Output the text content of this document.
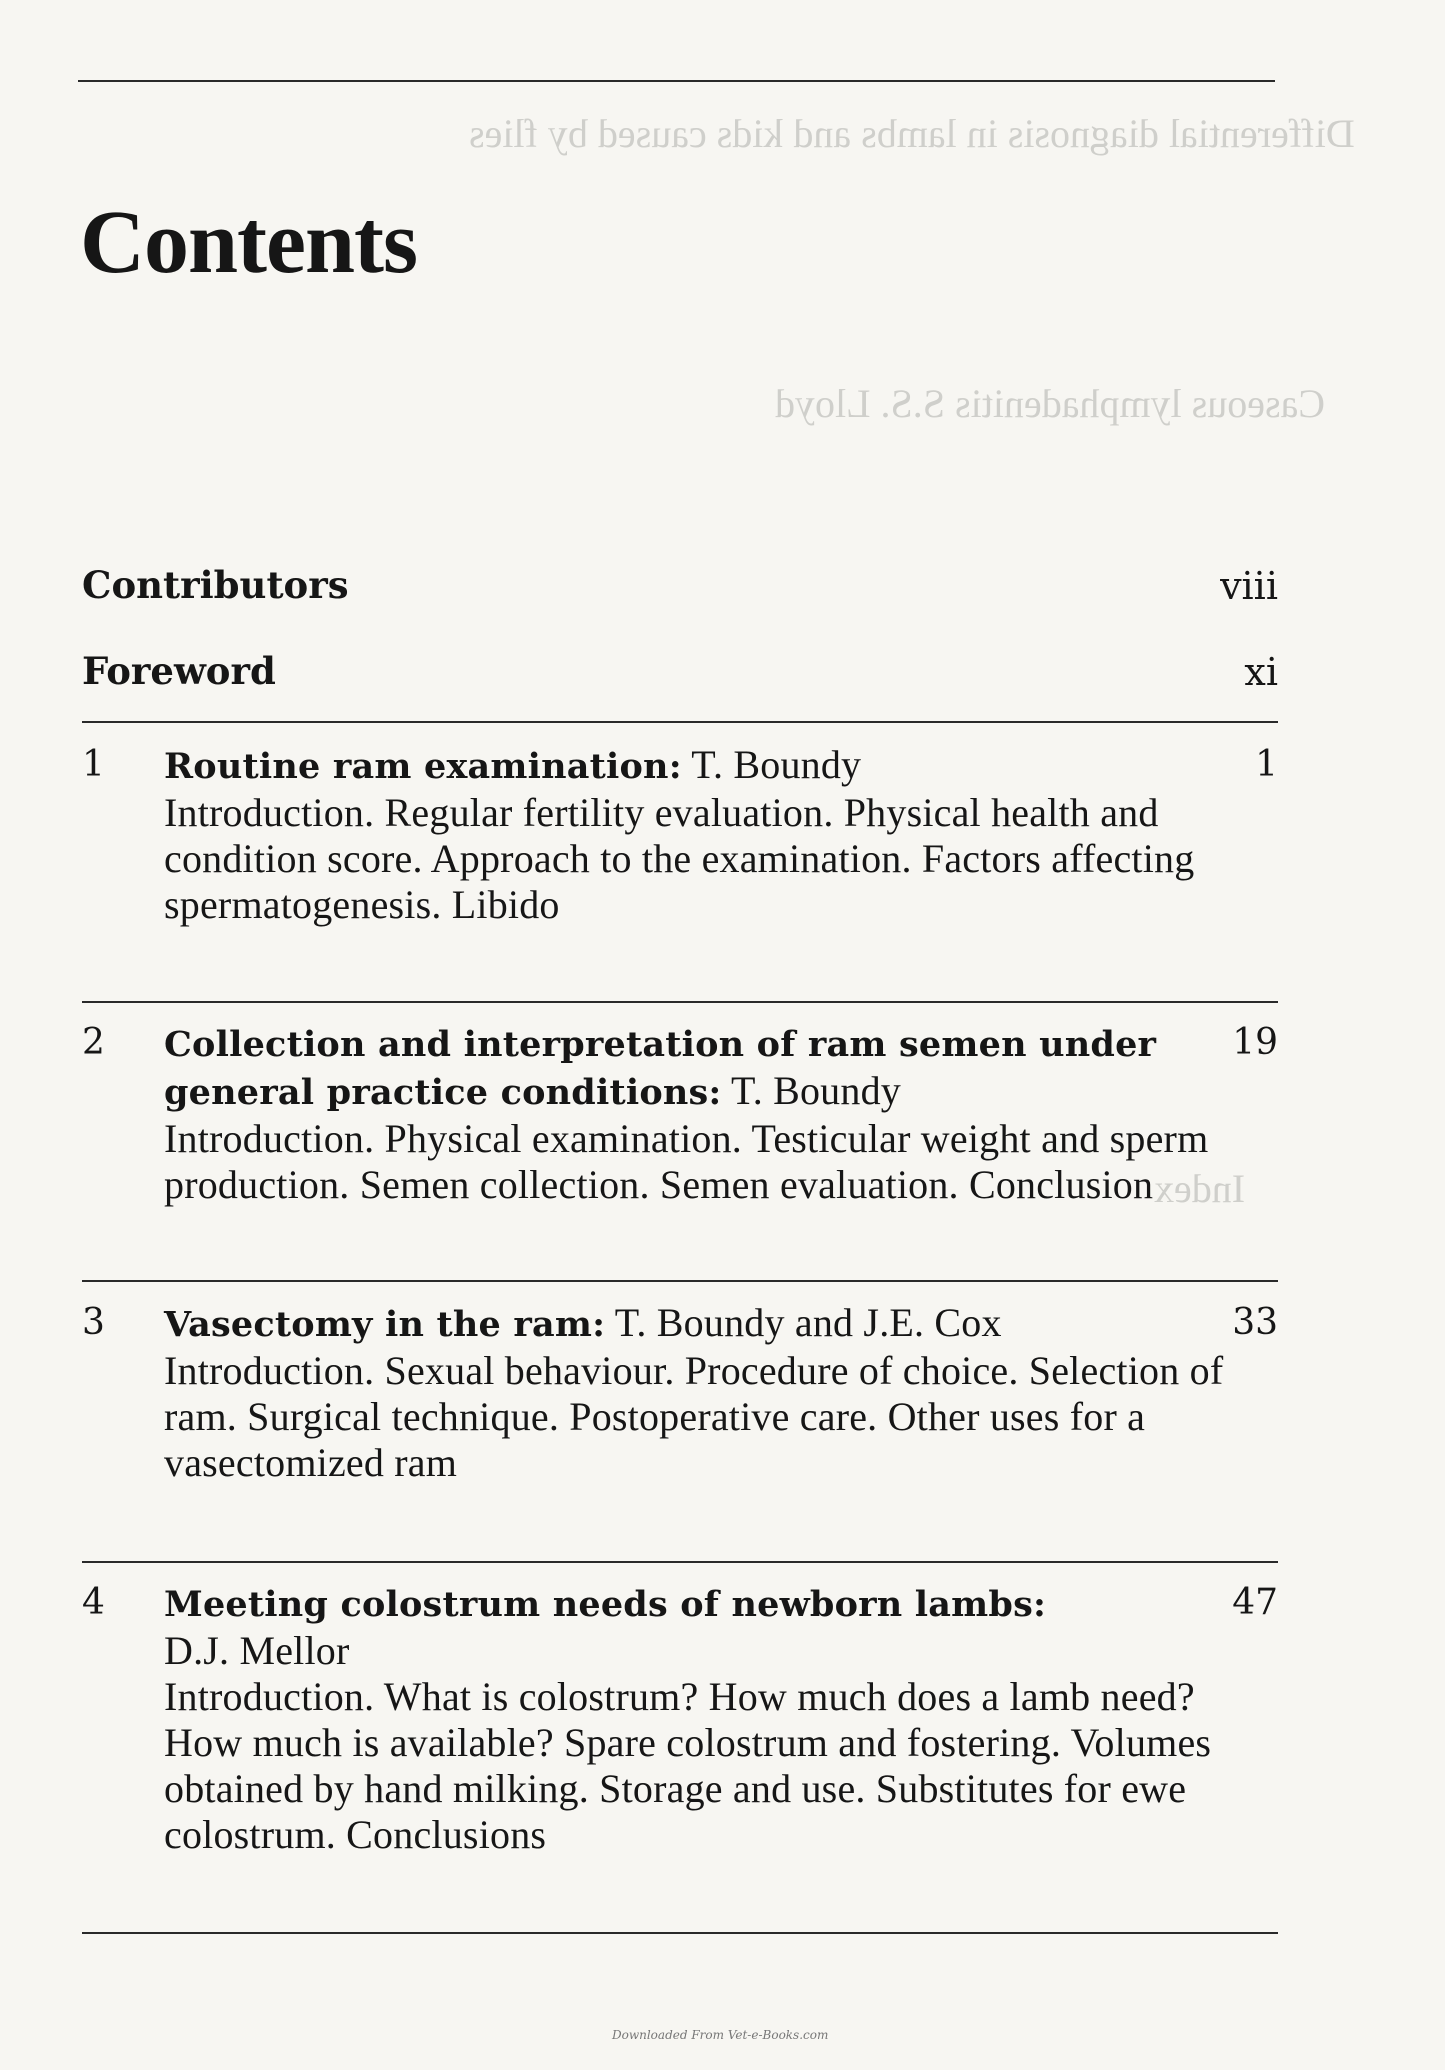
Differential diagnosis in lambs and kids caused by flies
Caseous lymphadenitis S.S. Lloyd
Index
Contents
Contributors	viii
Foreword	xi
1 Routine ram examination: T. Boundy
Introduction. Regular fertility evaluation. Physical health and condition score. Approach to the examination. Factors affecting spermatogenesis. Libido
1
2 Collection and interpretation of ram semen under general practice conditions: T. Boundy
Introduction. Physical examination. Testicular weight and sperm production. Semen collection. Semen evaluation. Conclusion
19
3 Vasectomy in the ram: T. Boundy and J.E. Cox
Introduction. Sexual behaviour. Procedure of choice. Selection of ram. Surgical technique. Postoperative care. Other uses for a vasectomized ram
33
4 Meeting colostrum needs of newborn lambs:
D.J. Mellor
Introduction. What is colostrum? How much does a lamb need? How much is available? Spare colostrum and fostering. Volumes obtained by hand milking. Storage and use. Substitutes for ewe colostrum. Conclusions
47
Downloaded From Vet-e-Books.com
